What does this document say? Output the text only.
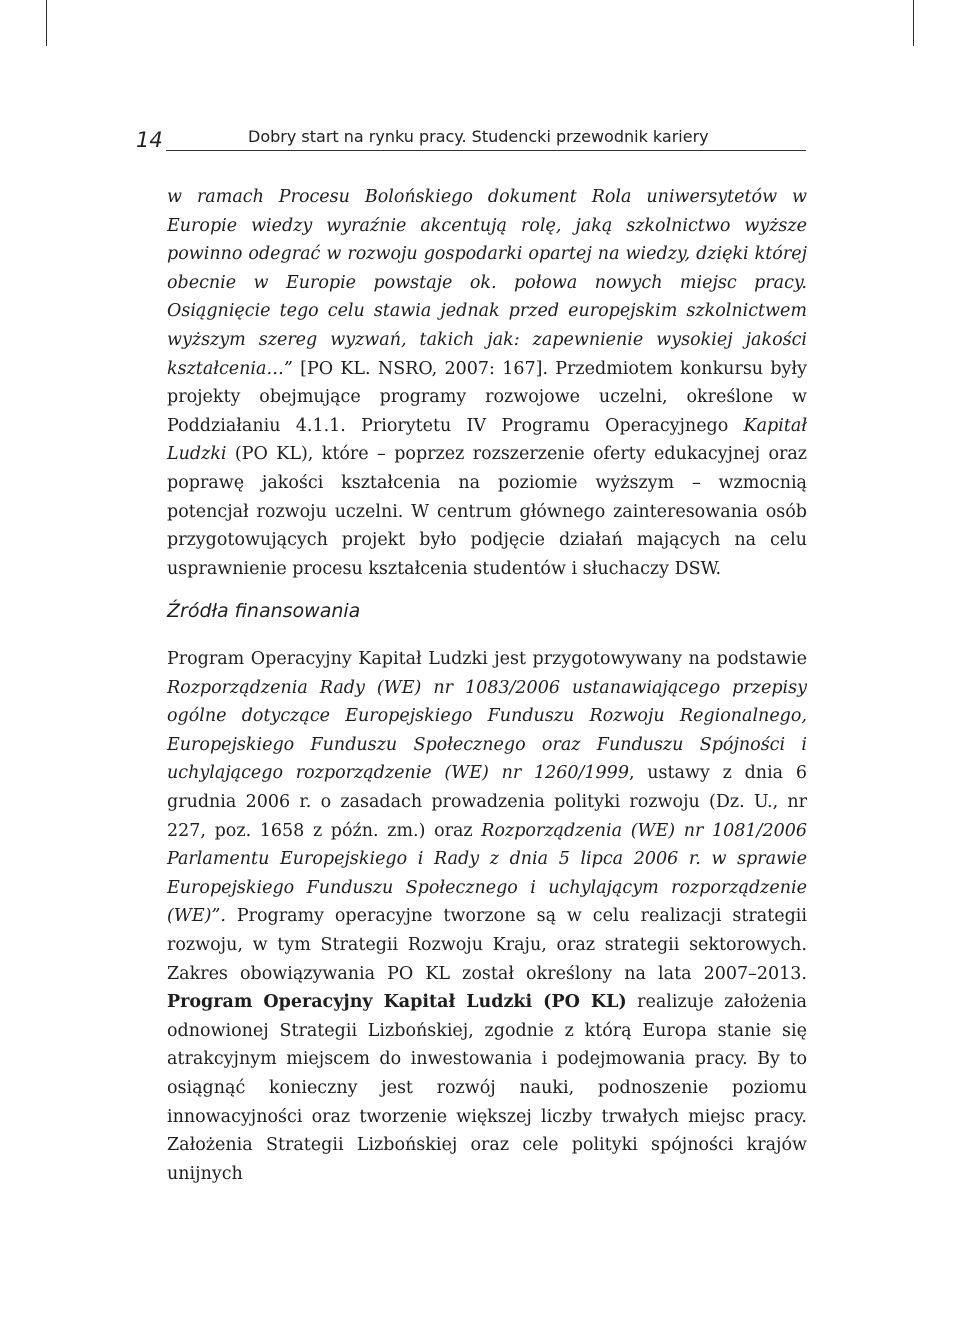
14	Dobry start na rynku pracy. Studencki przewodnik kariery

w ramach Procesu Bolońskiego dokument Rola uniwersytetów w Europie wiedzy wyraźnie akcentują rolę, jaką szkolnictwo wyższe powinno odegrać w rozwoju gospodarki opartej na wiedzy, dzięki której obecnie w Europie powstaje ok. połowa nowych miejsc pracy. Osiągnięcie tego celu stawia jednak przed europejskim szkolnictwem wyższym szereg wyzwań, takich jak: zapewnienie wysokiej jakości kształcenia…” [PO KL. NSRO, 2007: 167]. Przedmiotem konkursu były projekty obejmujące programy rozwojowe uczelni, określone w Poddziałaniu 4.1.1. Priorytetu IV Programu Operacyjnego Kapitał Ludzki (PO KL), które – poprzez rozszerzenie oferty edukacyjnej oraz poprawę jakości kształcenia na poziomie wyższym – wzmocnią potencjał rozwoju uczelni. W centrum głównego zainteresowania osób przygotowujących projekt było podjęcie działań mających na celu usprawnienie procesu kształcenia studentów i słuchaczy DSW.

Źródła finansowania

Program Operacyjny Kapitał Ludzki jest przygotowywany na podstawie Rozporządzenia Rady (WE) nr 1083/2006 ustanawiającego przepisy ogólne dotyczące Europejskiego Funduszu Rozwoju Regionalnego, Europejskiego Funduszu Społecznego oraz Funduszu Spójności i uchylającego rozporządzenie (WE) nr 1260/1999, ustawy z dnia 6 grudnia 2006 r. o zasadach prowadzenia polityki rozwoju (Dz. U., nr 227, poz. 1658 z późn. zm.) oraz Rozporządzenia (WE) nr 1081/2006 Parlamentu Europejskiego i Rady z dnia 5 lipca 2006 r. w sprawie Europejskiego Funduszu Społecznego i uchylającym rozporządzenie (WE)”. Programy operacyjne tworzone są w celu realizacji strategii rozwoju, w tym Strategii Rozwoju Kraju, oraz strategii sektorowych. Zakres obowiązywania PO KL został określony na lata 2007–2013. Program Operacyjny Kapitał Ludzki (PO KL) realizuje założenia odnowionej Strategii Lizbońskiej, zgodnie z którą Europa stanie się atrakcyjnym miejscem do inwestowania i podejmowania pracy. By to osiągnąć konieczny jest rozwój nauki, podnoszenie poziomu innowacyjności oraz tworzenie większej liczby trwałych miejsc pracy. Założenia Strategii Lizbońskiej oraz cele polityki spójności krajów unijnych
